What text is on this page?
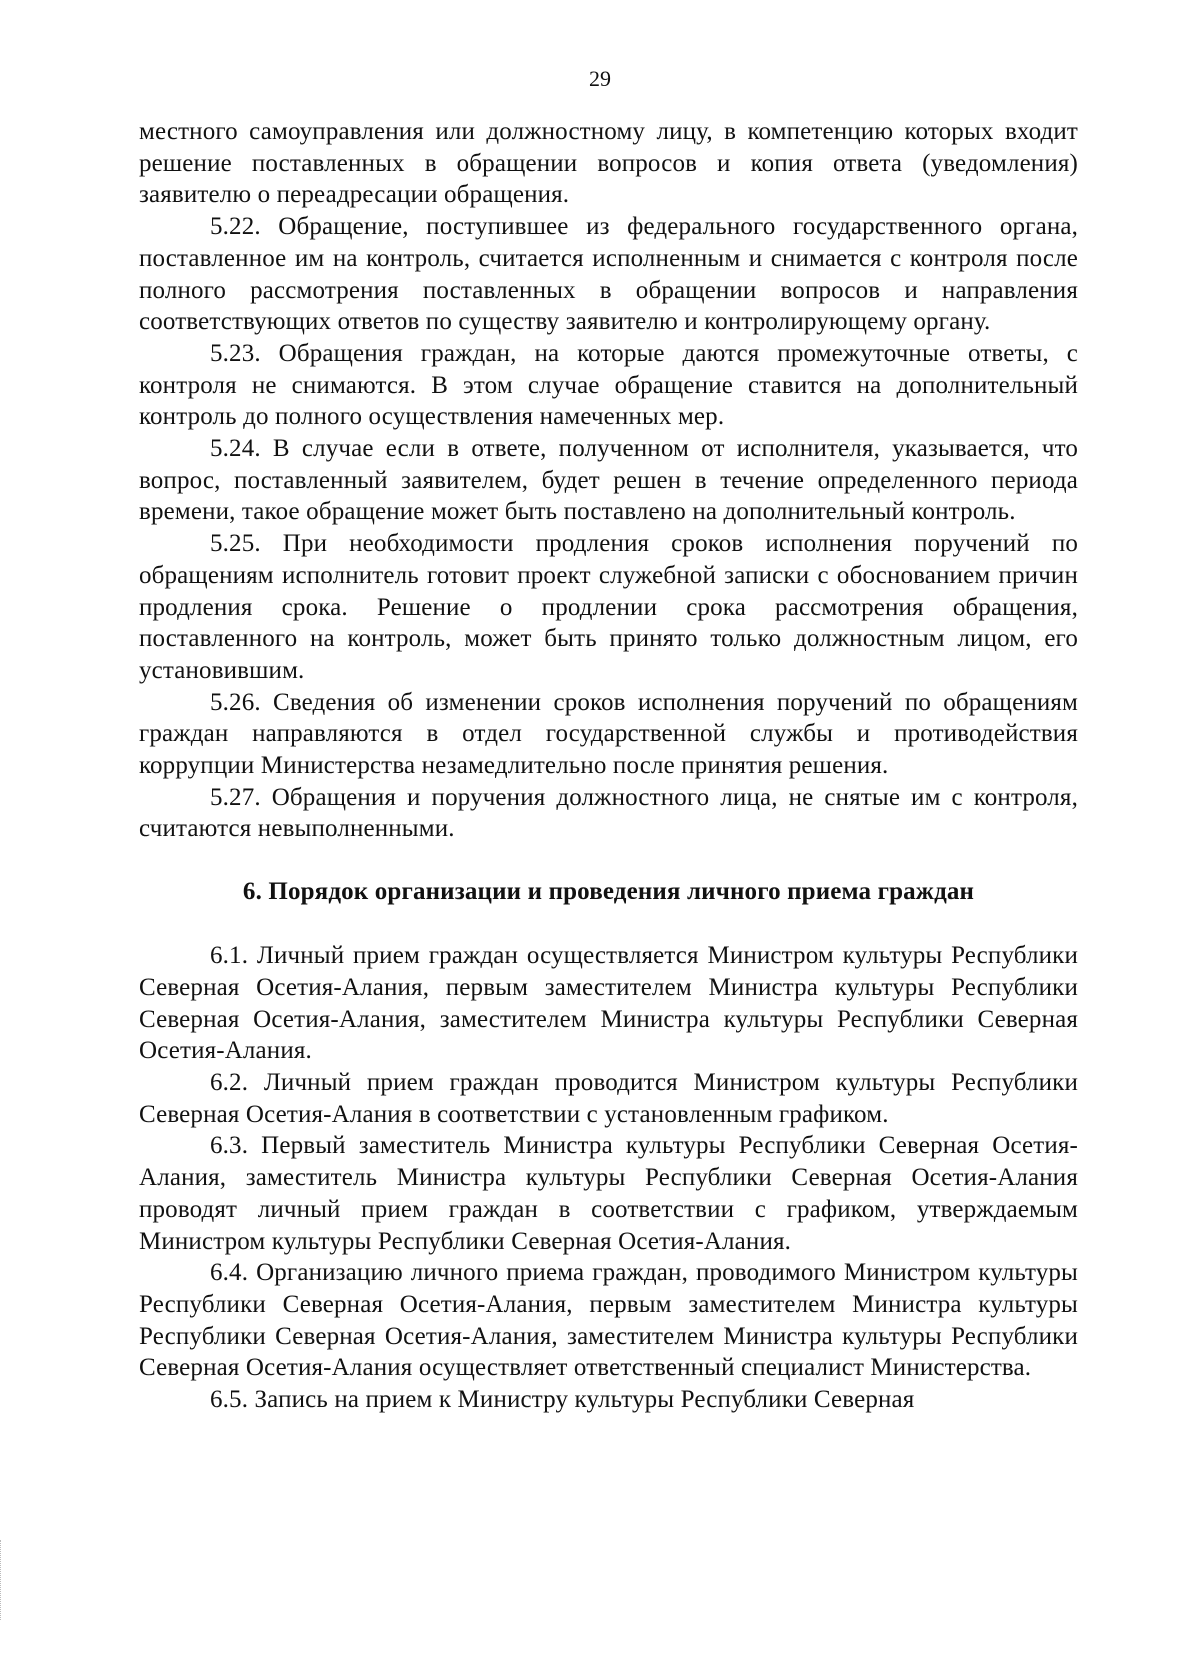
29

местного самоуправления или должностному лицу, в компетенцию которых входит решение поставленных в обращении вопросов и копия ответа (уведомления) заявителю о переадресации обращения.

5.22. Обращение, поступившее из федерального государственного органа, поставленное им на контроль, считается исполненным и снимается с контроля после полного рассмотрения поставленных в обращении вопросов и направления соответствующих ответов по существу заявителю и контролирующему органу.

5.23. Обращения граждан, на которые даются промежуточные ответы, с контроля не снимаются. В этом случае обращение ставится на дополнительный контроль до полного осуществления намеченных мер.

5.24. В случае если в ответе, полученном от исполнителя, указывается, что вопрос, поставленный заявителем, будет решен в течение определенного периода времени, такое обращение может быть поставлено на дополнительный контроль.

5.25. При необходимости продления сроков исполнения поручений по обращениям исполнитель готовит проект служебной записки с обоснованием причин продления срока. Решение о продлении срока рассмотрения обращения, поставленного на контроль, может быть принято только должностным лицом, его установившим.

5.26. Сведения об изменении сроков исполнения поручений по обращениям граждан направляются в отдел государственной службы и противодействия коррупции Министерства незамедлительно после принятия решения.

5.27. Обращения и поручения должностного лица, не снятые им с контроля, считаются невыполненными.

6. Порядок организации и проведения личного приема граждан

6.1. Личный прием граждан осуществляется Министром культуры Республики Северная Осетия-Алания, первым заместителем Министра культуры Республики Северная Осетия-Алания, заместителем Министра культуры Республики Северная Осетия-Алания.

6.2. Личный прием граждан проводится Министром культуры Республики Северная Осетия-Алания в соответствии с установленным графиком.

6.3. Первый заместитель Министра культуры Республики Северная Осетия-Алания, заместитель Министра культуры Республики Северная Осетия-Алания проводят личный прием граждан в соответствии с графиком, утверждаемым Министром культуры Республики Северная Осетия-Алания.

6.4. Организацию личного приема граждан, проводимого Министром культуры Республики Северная Осетия-Алания, первым заместителем Министра культуры Республики Северная Осетия-Алания, заместителем Министра культуры Республики Северная Осетия-Алания осуществляет ответственный специалист Министерства.

6.5. Запись на прием к Министру культуры Республики Северная
